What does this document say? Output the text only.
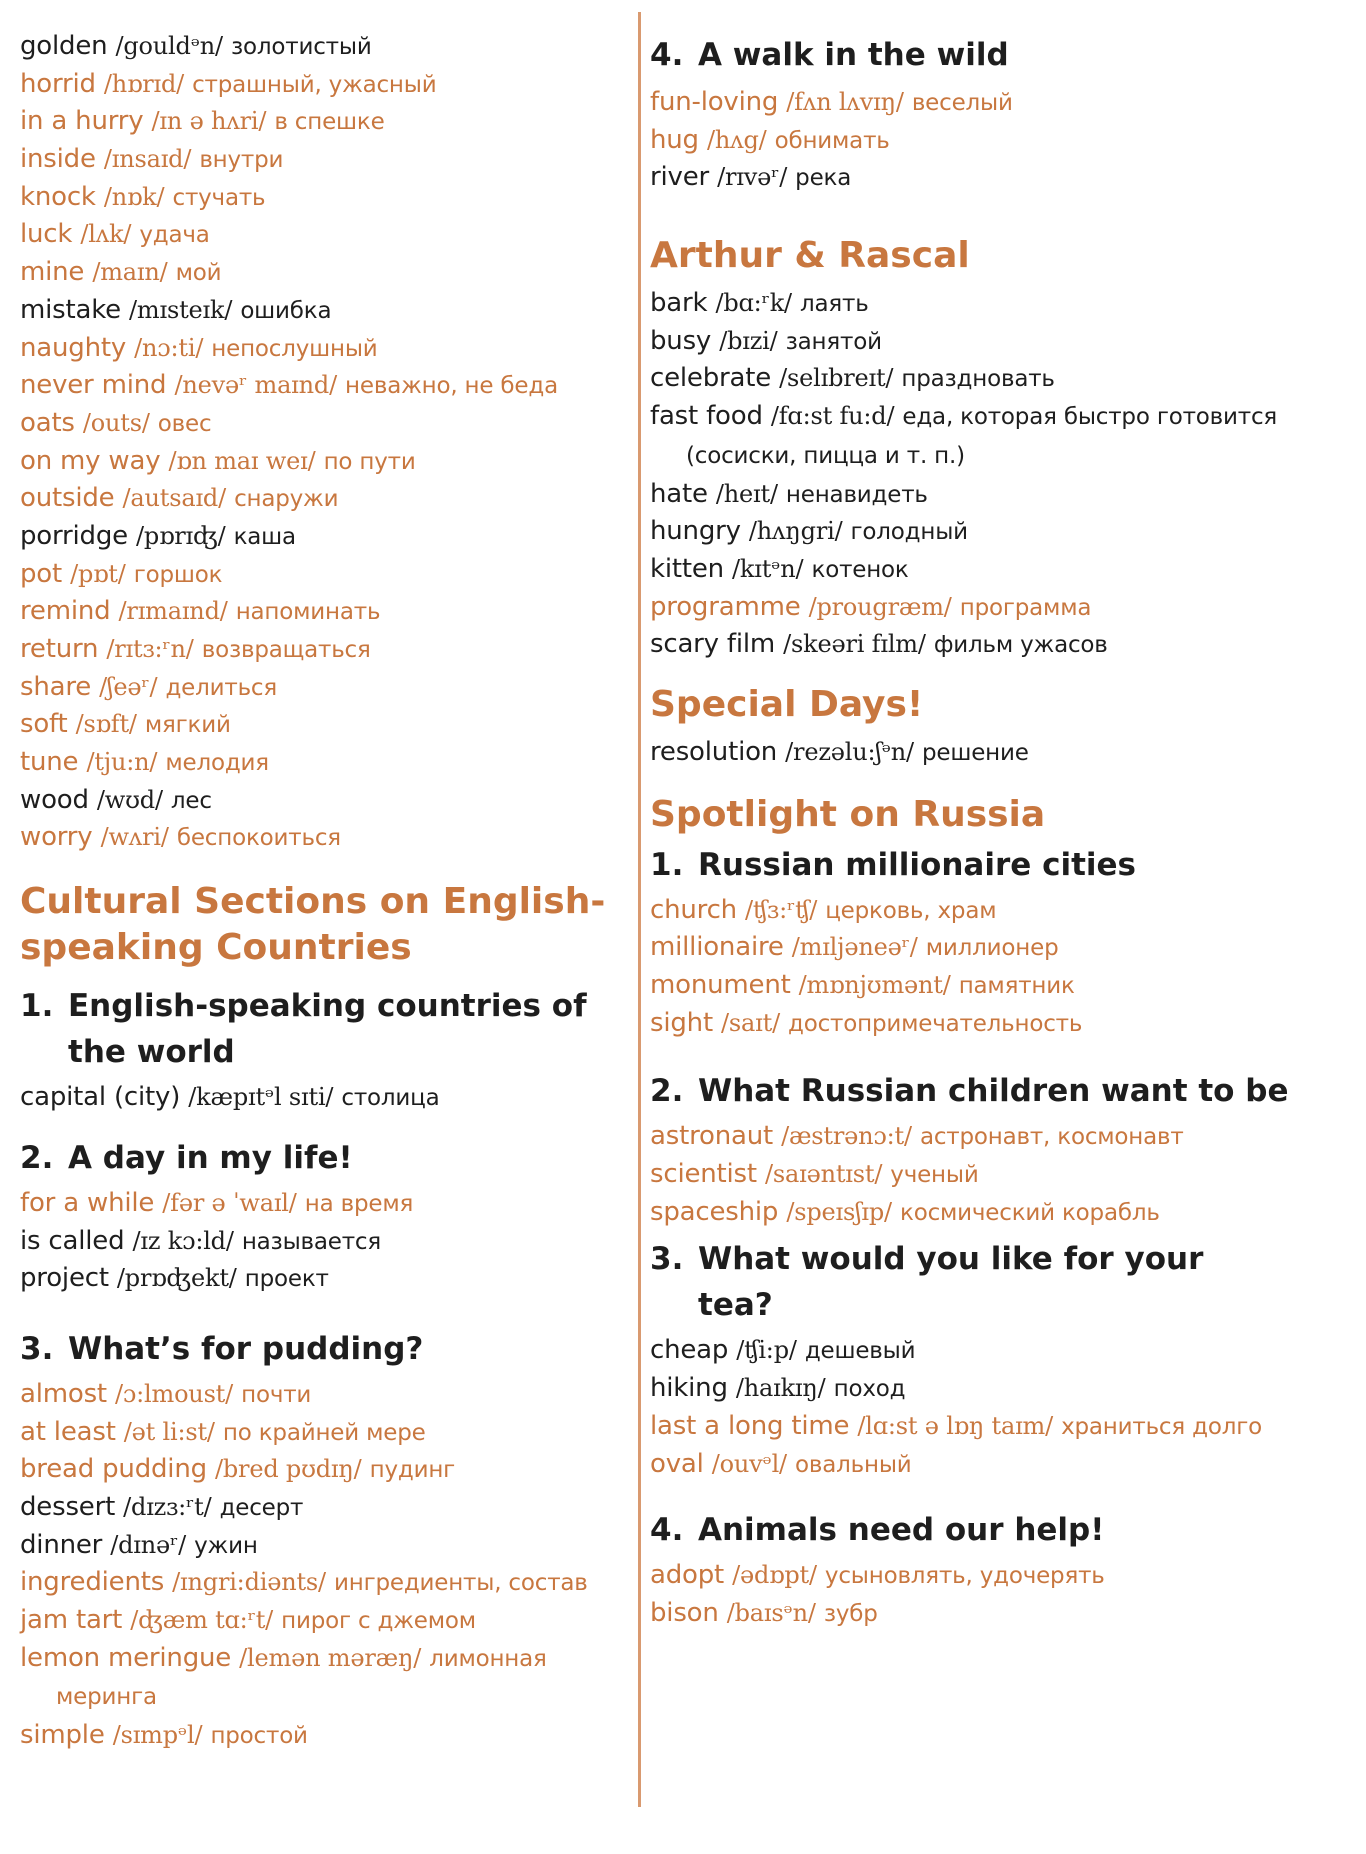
golden /gouldᵊn/ золотистый
horrid /hɒrɪd/ страшный, ужасный
in a hurry /ɪn ə hʌri/ в спешке
inside /ɪnsaɪd/ внутри
knock /nɒk/ стучать
luck /lʌk/ удача
mine /maɪn/ мой
mistake /mɪsteɪk/ ошибка
naughty /nɔ:ti/ непослушный
never mind /nevəʳ maɪnd/ неважно, не беда
oats /outs/ овес
on my way /ɒn maɪ weɪ/ по пути
outside /autsaɪd/ снаружи
porridge /pɒrɪʤ/ каша
pot /pɒt/ горшок
remind /rɪmaɪnd/ напоминать
return /rɪtɜ:ʳn/ возвращаться
share /ʃeəʳ/ делиться
soft /sɒft/ мягкий
tune /tju:n/ мелодия
wood /wʊd/ лес
worry /wʌri/ беспокоиться
Cultural Sections on English-speaking Countries
1. English-speaking countries of the world
capital (city) /kæpɪtᵊl sɪti/ столица
2. A day in my life!
for a while /fər ə ˈwaɪl/ на время
is called /ɪz kɔ:ld/ называется
project /prɒʤekt/ проект
3. What’s for pudding?
almost /ɔ:lmoust/ почти
at least /ət li:st/ по крайней мере
bread pudding /bred pʊdɪŋ/ пудинг
dessert /dɪzɜ:ʳt/ десерт
dinner /dɪnəʳ/ ужин
ingredients /ɪngri:diənts/ ингредиенты, состав
jam tart /ʤæm tɑ:ʳt/ пирог с джемом
lemon meringue /lemən məræŋ/ лимонная меринга
simple /sɪmpᵊl/ простой
4. A walk in the wild
fun-loving /fʌn lʌvɪŋ/ веселый
hug /hʌg/ обнимать
river /rɪvəʳ/ река
Arthur & Rascal
bark /bɑ:ʳk/ лаять
busy /bɪzi/ занятой
celebrate /selɪbreɪt/ праздновать
fast food /fɑ:st fu:d/ еда, которая быстро готовится (сосиски, пицца и т. п.)
hate /heɪt/ ненавидеть
hungry /hʌŋgri/ голодный
kitten /kɪtᵊn/ котенок
programme /prougræm/ программа
scary film /skeəri fɪlm/ фильм ужасов
Special Days!
resolution /rezəlu:ʃᵊn/ решение
Spotlight on Russia
1. Russian millionaire cities
church /ʧɜ:ʳʧ/ церковь, храм
millionaire /mɪljəneəʳ/ миллионер
monument /mɒnjʊmənt/ памятник
sight /saɪt/ достопримечательность
2. What Russian children want to be
astronaut /æstrənɔ:t/ астронавт, космонавт
scientist /saɪəntɪst/ ученый
spaceship /speɪsʃɪp/ космический корабль
3. What would you like for your tea?
cheap /ʧi:p/ дешевый
hiking /haɪkɪŋ/ поход
last a long time /lɑ:st ə lɒŋ taɪm/ храниться долго
oval /ouvᵊl/ овальный
4. Animals need our help!
adopt /ədɒpt/ усыновлять, удочерять
bison /baɪsᵊn/ зубр
